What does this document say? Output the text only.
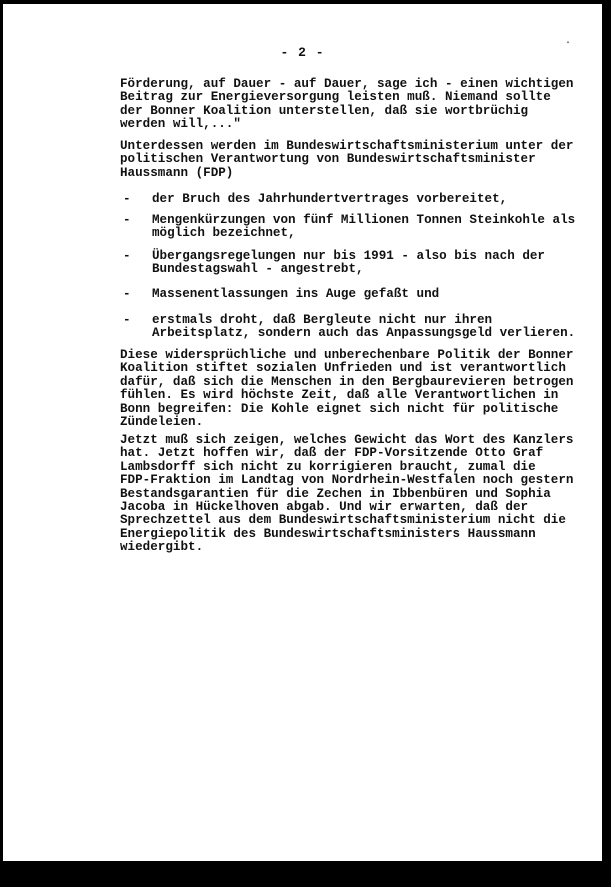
- 2 -
·
Förderung, auf Dauer - auf Dauer, sage ich - einen wichtigen
Beitrag zur Energieversorgung leisten muß. Niemand sollte
der Bonner Koalition unterstellen, daß sie wortbrüchig
werden will,..."
Unterdessen werden im Bundeswirtschaftsministerium unter der
politischen Verantwortung von Bundeswirtschaftsminister
Haussmann (FDP)
- der Bruch des Jahrhundertvertrages vorbereitet,
- Mengenkürzungen von fünf Millionen Tonnen Steinkohle als
möglich bezeichnet,
- Übergangsregelungen nur bis 1991 - also bis nach der
Bundestagswahl - angestrebt,
- Massenentlassungen ins Auge gefaßt und
- erstmals droht, daß Bergleute nicht nur ihren
Arbeitsplatz, sondern auch das Anpassungsgeld verlieren.
Diese widersprüchliche und unberechenbare Politik der Bonner
Koalition stiftet sozialen Unfrieden und ist verantwortlich
dafür, daß sich die Menschen in den Bergbaurevieren betrogen
fühlen. Es wird höchste Zeit, daß alle Verantwortlichen in
Bonn begreifen: Die Kohle eignet sich nicht für politische
Zündeleien.
Jetzt muß sich zeigen, welches Gewicht das Wort des Kanzlers
hat. Jetzt hoffen wir, daß der FDP-Vorsitzende Otto Graf
Lambsdorff sich nicht zu korrigieren braucht, zumal die
FDP-Fraktion im Landtag von Nordrhein-Westfalen noch gestern
Bestandsgarantien für die Zechen in Ibbenbüren und Sophia
Jacoba in Hückelhoven abgab. Und wir erwarten, daß der
Sprechzettel aus dem Bundeswirtschaftsministerium nicht die
Energiepolitik des Bundeswirtschaftsministers Haussmann
wiedergibt.
